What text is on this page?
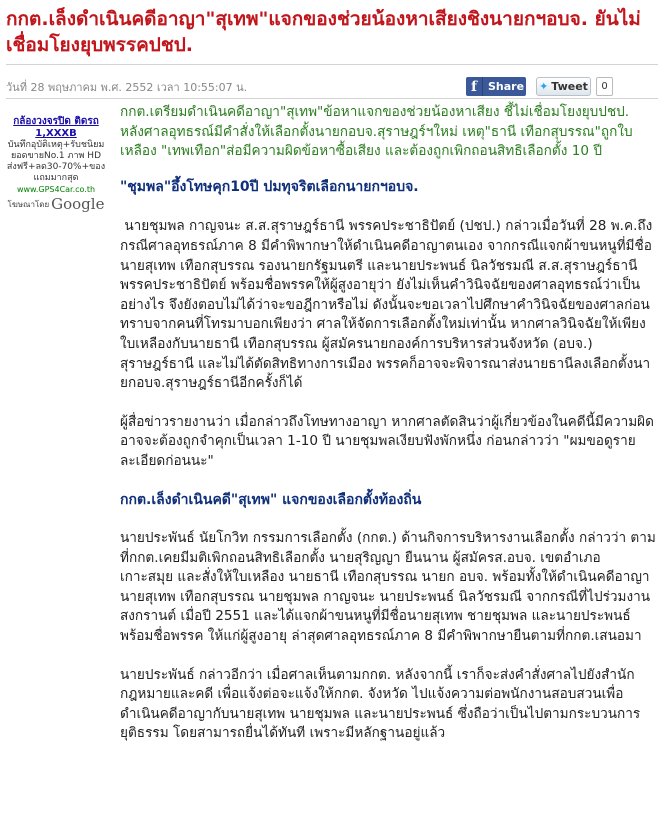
กกต.เล็งดำเนินคดีอาญา"สุเทพ"แจกของช่วยน้องหาเสียงชิงนายกฯอบจ. ยันไม่เชื่อมโยงยุบพรรคปชป.
วันที่ 28 พฤษภาคม พ.ศ. 2552 เวลา 10:55:07 น.	f Share ✦ Tweet	0
กล้องวงจรปิด ติดรถ 1,XXXB
บันทึกอุบัติเหตุ+รับชนิยม ยอดขายNo.1 ภาพ HD ส่งฟรี+ลด30-70%+ของแถมมากสุด
www.GPS4Car.co.th
โฆษณาโดย Google

กกต.เตรียมดำเนินคดีอาญา"สุเทพ"ข้อหาแจกของช่วยน้องหาเสียง ชี้ไม่เชื่อมโยงยุบปชป. หลังศาลอุทธรณ์มีคำสั่งให้เลือกตั้งนายกอบจ.สุราษฎร์ฯใหม่ เหตุ"ธานี เทือกสุบรรณ"ถูกใบเหลือง "เทพเทือก"ส่อมีความผิดข้อหาซื้อเสียง และต้องถูกเพิกถอนสิทธิเลือกตั้ง 10 ปี

"ชุมพล"อึ้งโทษคุก10ปี ปมทุจริตเลือกนายกฯอบจ.

นายชุมพล กาญจนะ ส.ส.สุราษฎร์ธานี พรรคประชาธิปัตย์ (ปชป.) กล่าวเมื่อวันที่ 28 พ.ค.ถึงกรณีศาลอุทธรณ์ภาค 8 มีคำพิพากษาให้ดำเนินคดีอาญาตนเอง จากกรณีแจกผ้าขนหนูที่มีชื่อนายสุเทพ เทือกสุบรรณ รองนายกรัฐมนตรี และนายประพนธ์ นิลวัชรมณี ส.ส.สุราษฎร์ธานี พรรคประชาธิปัตย์ พร้อมชื่อพรรคให้ผู้สูงอายุว่า ยังไม่เห็นคำวินิจฉัยของศาลอุทธรณ์ว่าเป็นอย่างไร จึงยังตอบไม่ได้ว่าจะขอฎีกาหรือไม่ ดังนั้นจะขอเวลาไปศึกษาคำวินิจฉัยของศาลก่อน ทราบจากคนที่โทรมาบอกเพียงว่า ศาลให้จัดการเลือกตั้งใหม่เท่านั้น หากศาลวินิจฉัยให้เพียงใบเหลืองกับนายธานี เทือกสุบรรณ ผู้สมัครนายกองค์การบริหารส่วนจังหวัด (อบจ.) สุราษฎร์ธานี และไม่ได้ตัดสิทธิทางการเมือง พรรคก็อาจจะพิจารณาส่งนายธานีลงเลือกตั้งนายกอบจ.สุราษฎร์ธานีอีกครั้งก็ได้

ผู้สื่อข่าวรายงานว่า เมื่อกล่าวถึงโทษทางอาญา หากศาลตัดสินว่าผู้เกี่ยวข้องในคดีนี้มีความผิด อาจจะต้องถูกจำคุกเป็นเวลา 1-10 ปี นายชุมพลเงียบฟังพักหนึ่ง ก่อนกล่าวว่า "ผมขอดูรายละเอียดก่อนนะ"

กกต.เล็งดำเนินคดี"สุเทพ" แจกของเลือกตั้งท้องถิ่น

นายประพันธ์ นัยโกวิท กรรมการเลือกตั้ง (กกต.) ด้านกิจการบริหารงานเลือกตั้ง กล่าวว่า ตามที่กกต.เคยมีมติเพิกถอนสิทธิเลือกตั้ง นายสุริญญา ยืนนาน ผู้สมัครส.อบจ. เขตอำเภอ เกาะสมุย และสั่งให้ใบเหลือง นายธานี เทือกสุบรรณ นายก อบจ. พร้อมทั้งให้ดำเนินคดีอาญา นายสุเทพ เทือกสุบรรณ นายชุมพล กาญจนะ นายประพนธ์ นิลวัชรมณี จากกรณีที่ไปร่วมงานสงกรานต์ เมื่อปี 2551 และได้แจกผ้าขนหนูที่มีชื่อนายสุเทพ ชายชุมพล และนายประพนธ์ พร้อมชื่อพรรค ให้แก่ผู้สูงอายุ ล่าสุดศาลอุทธรณ์ภาค 8 มีคำพิพากษายืนตามที่กกต.เสนอมา

นายประพันธ์ กล่าวอีกว่า เมื่อศาลเห็นตามกกต. หลังจากนี้ เราก็จะส่งคำสั่งศาลไปยังสำนักกฎหมายและคดี เพื่อแจ้งต่อจะแจ้งให้กกต. จังหวัด ไปแจ้งความต่อพนักงานสอบสวนเพื่อดำเนินคดีอาญากับนายสุเทพ นายชุมพล และนายประพนธ์ ซึ่งถือว่าเป็นไปตามกระบวนการยุติธรรม โดยสามารถยื่นได้ทันที เพราะมีหลักฐานอยู่แล้ว
